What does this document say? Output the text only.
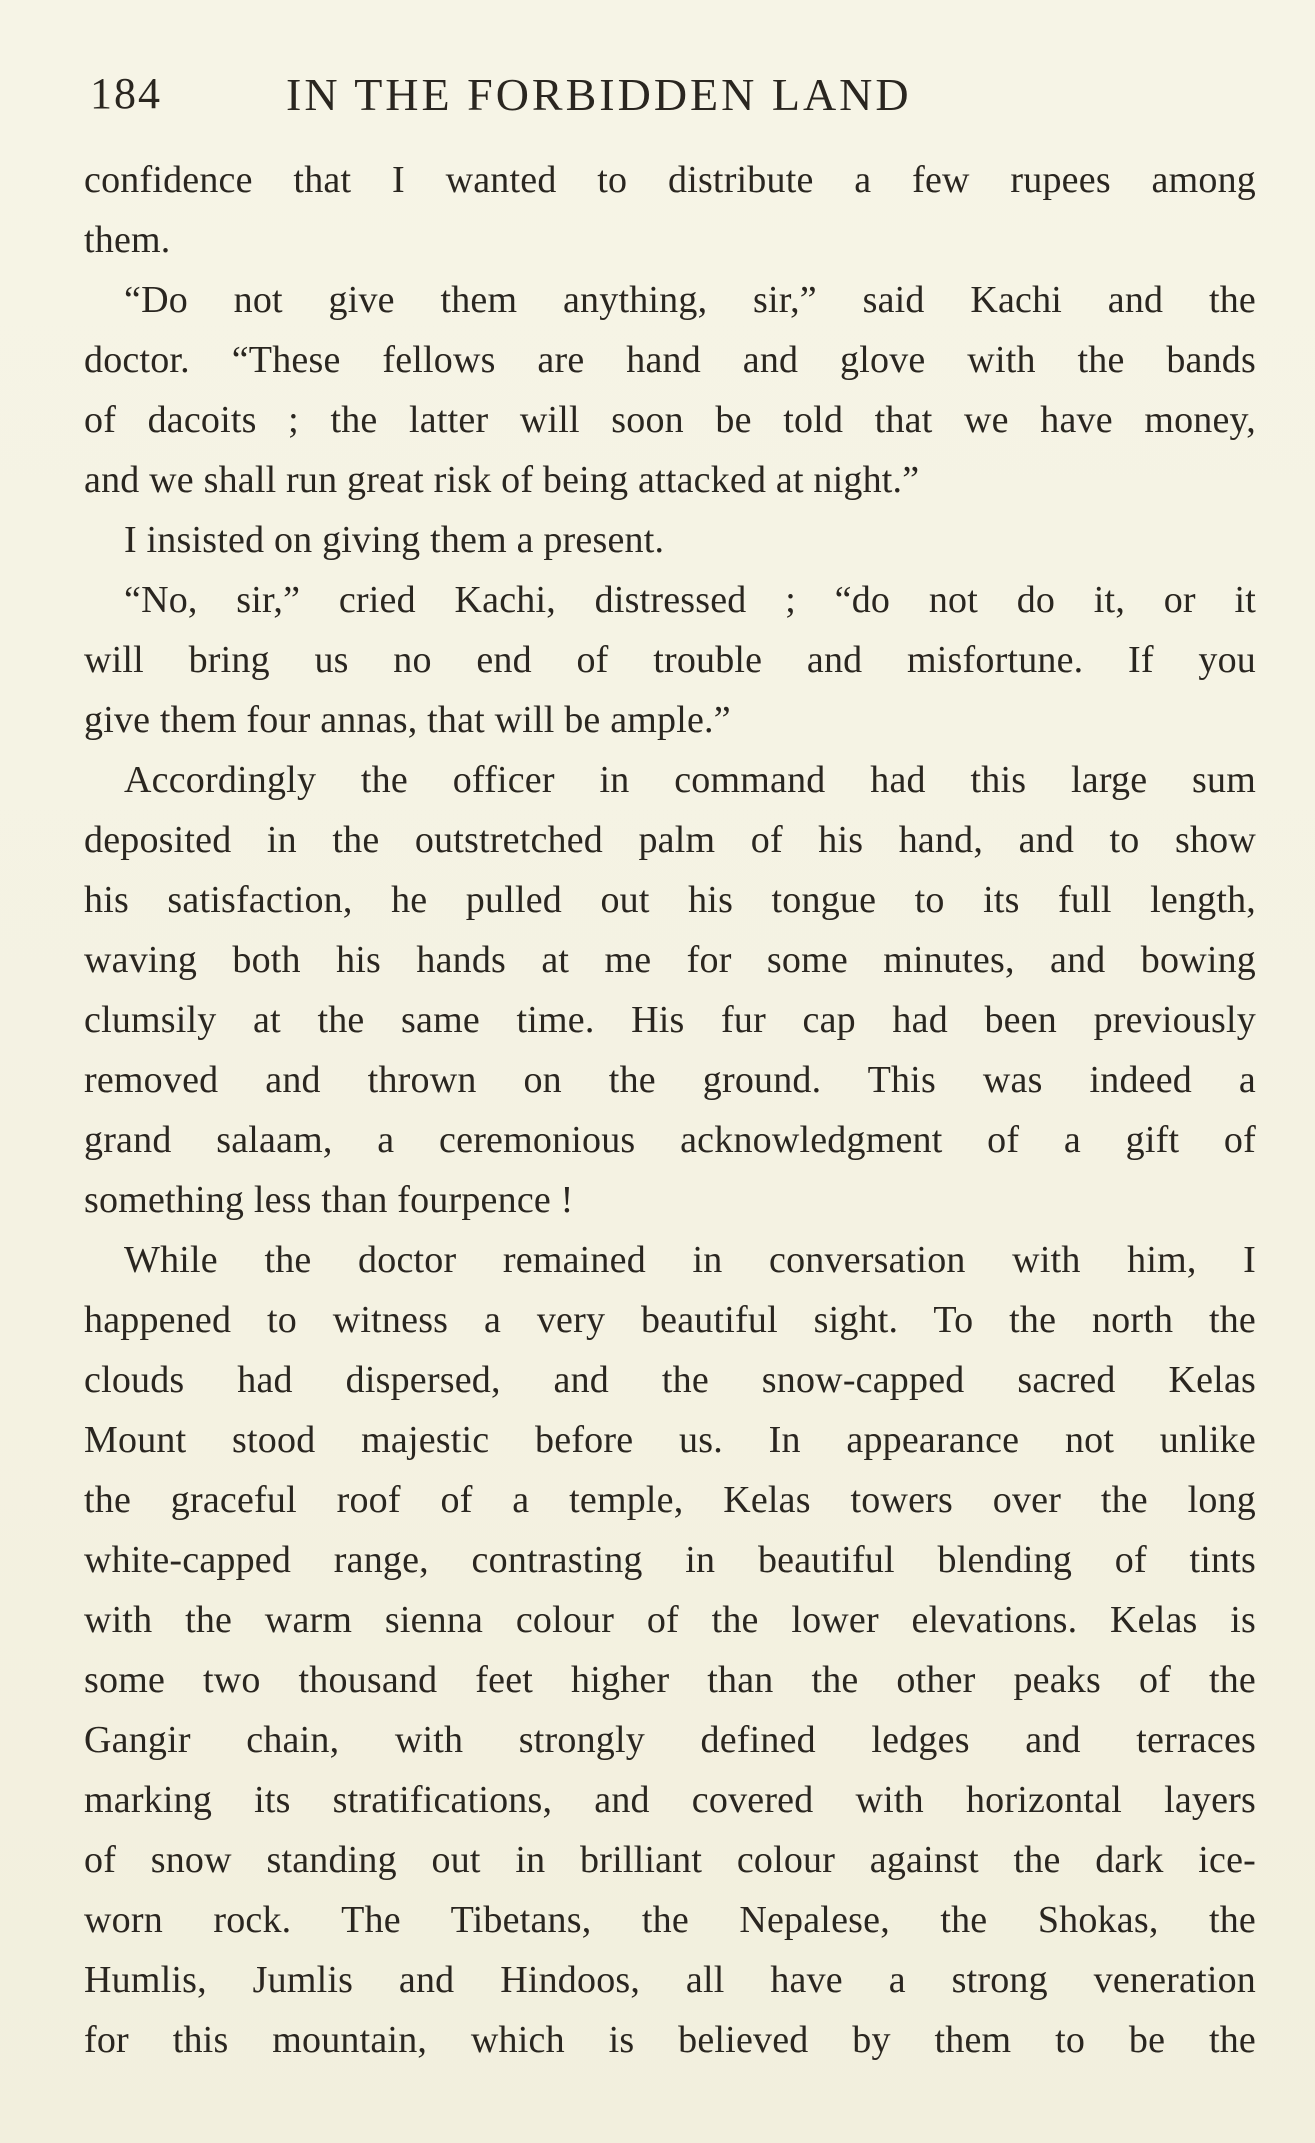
184	IN THE FORBIDDEN LAND
confidence that I wanted to distribute a few rupees among
them.
“Do not give them anything, sir,” said Kachi and the
doctor. “These fellows are hand and glove with the bands
of dacoits ; the latter will soon be told that we have money,
and we shall run great risk of being attacked at night.”
I insisted on giving them a present.
“No, sir,” cried Kachi, distressed ; “do not do it, or it
will bring us no end of trouble and misfortune. If you
give them four annas, that will be ample.”
Accordingly the officer in command had this large sum
deposited in the outstretched palm of his hand, and to show
his satisfaction, he pulled out his tongue to its full length,
waving both his hands at me for some minutes, and bowing
clumsily at the same time. His fur cap had been previously
removed and thrown on the ground. This was indeed a
grand salaam, a ceremonious acknowledgment of a gift of
something less than fourpence !
While the doctor remained in conversation with him, I
happened to witness a very beautiful sight. To the north the
clouds had dispersed, and the snow-capped sacred Kelas
Mount stood majestic before us. In appearance not unlike
the graceful roof of a temple, Kelas towers over the long
white-capped range, contrasting in beautiful blending of tints
with the warm sienna colour of the lower elevations. Kelas is
some two thousand feet higher than the other peaks of the
Gangir chain, with strongly defined ledges and terraces
marking its stratifications, and covered with horizontal layers
of snow standing out in brilliant colour against the dark ice-
worn rock. The Tibetans, the Nepalese, the Shokas, the
Humlis, Jumlis and Hindoos, all have a strong veneration
for this mountain, which is believed by them to be the
